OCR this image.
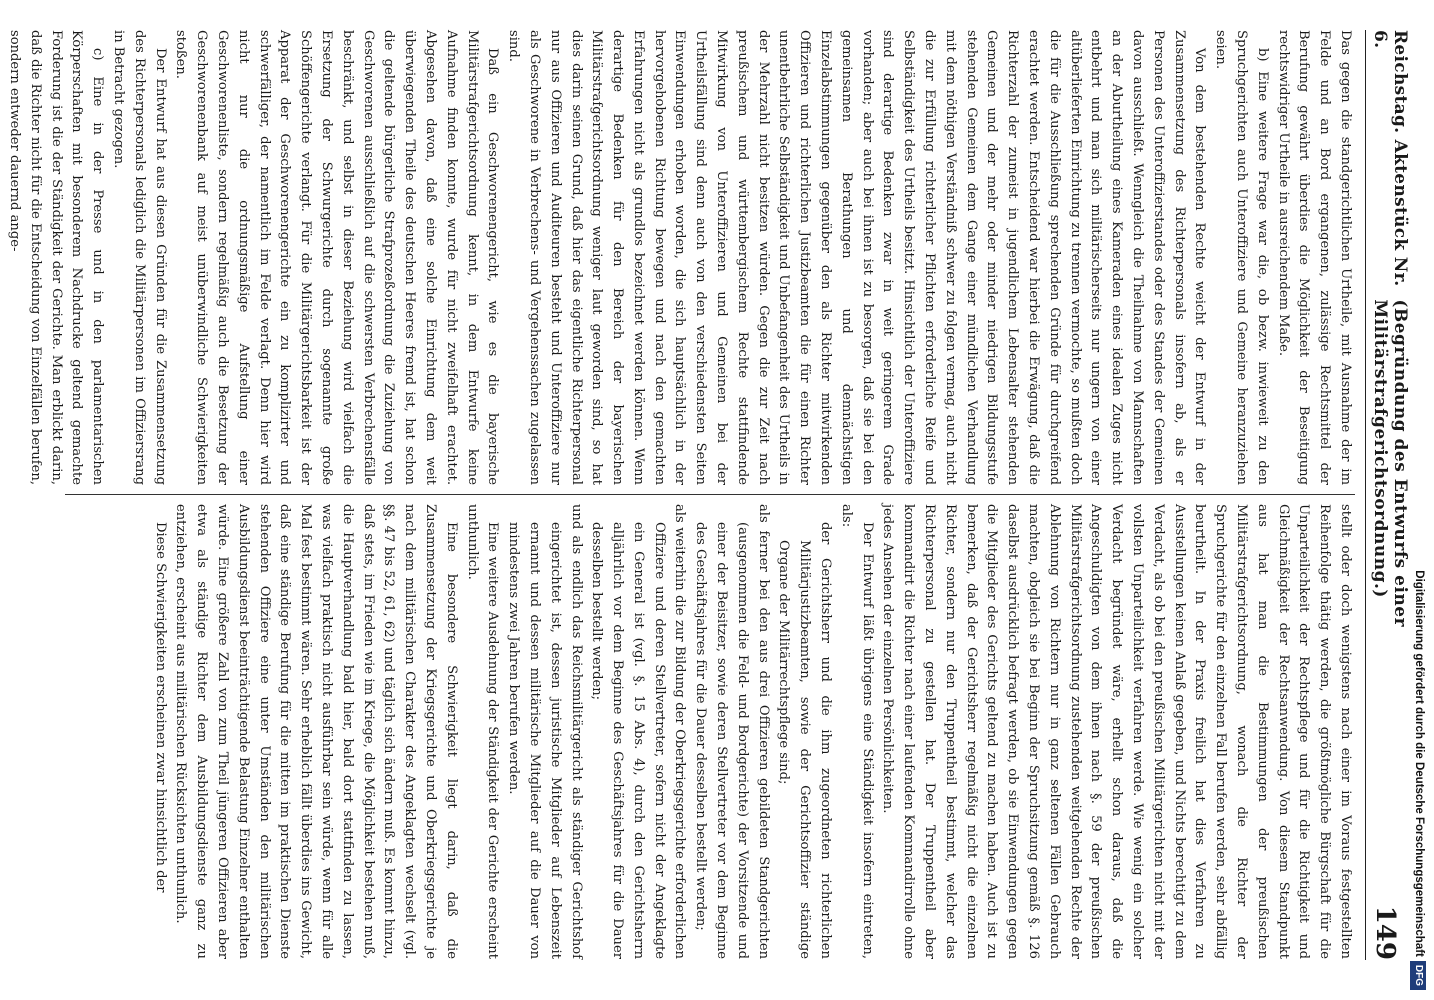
Reichstag. Aktenstück Nr. 6.
(Begründung des Entwurfs einer Militärstrafgerichtsordnung.)
149

Das gegen die standgerichtlichen Urtheile, mit Ausnahme der im Felde und an Bord ergangenen, zulässige Rechtsmittel der Berufung gewährt überdies die Möglichkeit der Beseitigung rechtswidriger Urtheile in ausreichendem Maße.

b) Eine weitere Frage war die, ob bezw. inwieweit zu den Spruchgerichten auch Unteroffiziere und Gemeine heranzuziehen seien.

Von dem bestehenden Rechte weicht der Entwurf in der Zusammensetzung des Richterpersonals insofern ab, als er Personen des Unteroffizierstandes oder des Standes der Gemeinen davon ausschließt. Wenngleich die Theilnahme von Mannschaften an der Aburtheilung eines Kameraden eines idealen Zuges nicht entbehrt und man sich militärischerseits nur ungern von einer altüberlieferten Einrichtung zu trennen vermochte, so mußten doch die für die Ausschließung sprechenden Gründe für durchgreifend erachtet werden. Entscheidend war hierbei die Erwägung, daß die Richterzahl der zumeist in jugendlichem Lebensalter stehenden Gemeinen und der mehr oder minder niedrigen Bildungsstufe stehenden Gemeinen dem Gange einer mündlichen Verhandlung mit dem nöthigen Verständniß schwer zu folgen vermag, auch nicht die zur Erfüllung richterlicher Pflichten erforderliche Reife und Selbständigkeit des Urtheils besitzt. Hinsichtlich der Unteroffiziere sind derartige Bedenken zwar in weit geringerem Grade vorhanden; aber auch bei ihnen ist zu besorgen, daß sie bei den gemeinsamen Berathungen und demnächstigen Einzelabstimmungen gegenüber den als Richter mitwirkenden Offizieren und richterlichen Justizbeamten die für einen Richter unentbehrliche Selbständigkeit und Unbefangenheit des Urtheils in der Mehrzahl nicht besitzen würden. Gegen die zur Zeit nach preußischem und württembergischem Rechte stattfindende Mitwirkung von Unteroffizieren und Gemeinen bei der Urtheilsfällung sind denn auch von den verschiedensten Seiten Einwendungen erhoben worden, die sich hauptsächlich in der hervorgehobenen Richtung bewegen und nach den gemachten Erfahrungen nicht als grundlos bezeichnet werden können. Wenn derartige Bedenken für den Bereich der bayerischen Militärstrafgerichtsordnung weniger laut geworden sind, so hat dies darin seinen Grund, daß hier das eigentliche Richterpersonal nur aus Offizieren und Auditeuren besteht und Unteroffiziere nur als Geschworene in Verbrechens- und Vergehenssachen zugelassen sind.

Daß ein Geschworenengericht, wie es die bayerische Militärstrafgerichtsordnung kennt, in dem Entwurfe keine Aufnahme finden konnte, wurde für nicht zweifelhaft erachtet. Abgesehen davon, daß eine solche Einrichtung dem weit überwiegenden Theile des deutschen Heeres fremd ist, hat schon die geltende bürgerliche Strafprozeßordnung die Zuziehung von Geschworenen ausschließlich auf die schwersten Verbrechensfälle beschränkt, und selbst in dieser Beziehung wird vielfach die Ersetzung der Schwurgerichte durch sogenannte große Schöffengerichte verlangt. Für die Militärgerichtsbarkeit ist der Apparat der Geschworenengerichte ein zu komplizirter und schwerfälliger, der namentlich im Felde verlagt. Denn hier wird nicht nur die ordnungsmäßige Aufstellung einer Geschworenenliste, sondern regelmäßig auch die Besetzung der Geschworenenbank auf meist unüberwindliche Schwierigkeiten stoßen.

Der Entwurf hat aus diesen Gründen für die Zusammensetzung des Richterpersonals lediglich die Militärpersonen im Offiziersrang in Betracht gezogen.

c) Eine in der Presse und in den parlamentarischen Körperschaften mit besonderem Nachdrucke geltend gemachte Forderung ist die der Ständigkeit der Gerichte. Man erblickt darin, daß die Richter nicht für die Entscheidung von Einzelfällen berufen, sondern entweder dauernd ange-

stellt oder doch wenigstens nach einer im Voraus festgestellten Reihenfolge thätig werden, die größtmögliche Bürgschaft für die Unparteilichkeit der Rechtspflege und für die Richtigkeit und Gleichmäßigkeit der Rechtsanwendung. Von diesem Standpunkt aus hat man die Bestimmungen der preußischen Militärstrafgerichtsordnung, wonach die Richter der Spruchgerichte für den einzelnen Fall berufen werden, sehr abfällig beurtheilt. In der Praxis freilich hat dies Verfahren zu Ausstellungen keinen Anlaß gegeben, und Nichts berechtigt zu dem Verdacht, als ob bei den preußischen Militärgerichten nicht mit der vollsten Unparteilichkeit verfahren werde. Wie wenig ein solcher Verdacht begründet wäre, erhellt schon daraus, daß die Angeschuldigten von dem ihnen nach §. 59 der preußischen Militärstrafgerichtsordnung zustehenden weitgehenden Rechte der Ablehnung von Richtern nur in ganz seltenen Fällen Gebrauch machten, obgleich sie bei Beginn der Spruchsitzung gemäß §. 126 daselbst ausdrücklich befragt werden, ob sie Einwendungen gegen die Mitglieder des Gerichts geltend zu machen haben. Auch ist zu bemerken, daß der Gerichtsherr regelmäßig nicht die einzelnen Richter, sondern nur den Truppentheil bestimmt, welcher das Richterpersonal zu gestellen hat. Der Truppentheil aber kommandirt die Richter nach einer laufenden Kommandirrolle ohne jedes Ansehen der einzelnen Persönlichkeiten.

Der Entwurf läßt übrigens eine Ständigkeit insofern eintreten, als:

der Gerichtsherr und die ihm zugeordneten richterlichen Militärjustizbeamten, sowie der Gerichtsoffizier ständige Organe der Militärrechtspflege sind;

als ferner bei den aus drei Offizieren gebildeten Standgerichten (ausgenommen die Feld- und Bordgerichte) der Vorsitzende und einer der Beisitzer, sowie deren Stellvertreter vor dem Beginne des Geschäftsjahres für die Dauer desselben bestellt werden;

als weiterhin die zur Bildung der Oberkriegsgerichte erforderlichen Offiziere und deren Stellvertreter, sofern nicht der Angeklagte ein General ist (vgl. §. 15 Abs. 4), durch den Gerichtsherrn alljährlich vor dem Beginne des Geschäftsjahres für die Dauer desselben bestellt werden;

und als endlich das Reichsmilitärgericht als ständiger Gerichtshof eingerichtet ist, dessen juristische Mitglieder auf Lebenszeit ernannt und dessen militärische Mitglieder auf die Dauer von mindestens zwei Jahren berufen werden.

Eine weitere Ausdehnung der Ständigkeit der Gerichte erscheint unthunlich.

Eine besondere Schwierigkeit liegt darin, daß die Zusammensetzung der Kriegsgerichte und Oberkriegsgerichte je nach dem militärischen Charakter des Angeklagten wechselt (vgl. §§. 47 bis 52, 61, 62) und täglich sich ändern muß. Es kommt hinzu, daß stets, im Frieden wie im Kriege, die Möglichkeit bestehen muß, die Hauptverhandlung bald hier, bald dort stattfinden zu lassen, was vielfach praktisch nicht ausführbar sein würde, wenn für alle Mal fest bestimmt wären. Sehr erheblich fällt überdies ins Gewicht, daß eine ständige Berufung für die mitten im praktischen Dienste stehenden Offiziere eine unter Umständen den militärischen Ausbildungsdienst beeinträchtigende Belastung Einzelner enthalten würde. Eine größere Zahl von zum Theil jüngeren Offizieren aber etwa als ständige Richter dem Ausbildungsdienste ganz zu entziehen, erscheint aus militärischen Rücksichten unthunlich.

Diese Schwierigkeiten erscheinen zwar hinsichtlich der	Digitalisierung gefördert durch die Deutsche ForschungsgemeinschaftDFG
